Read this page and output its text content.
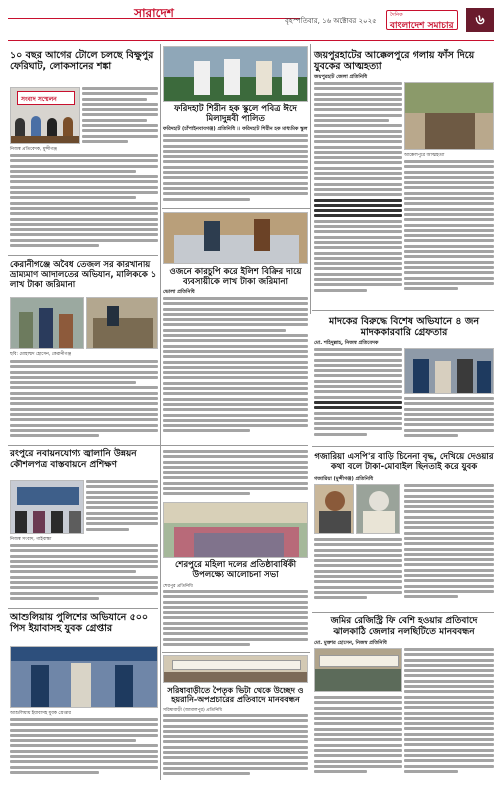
সারাদেশ
বৃহস্পতিবার, ১৬ অক্টোবর ২০২৫
দৈনিক
বাংলাদেশ সমাচার	৬
১০ বছর আগের টোলে চলছে বিক্ষুপুর ফেরিঘাট, লোকসানের শঙ্কা
সংবাদ সম্মেলন
নিজস্ব প্রতিবেদক, মুন্সীগঞ্জ
কেরানীগঞ্জে অবৈধ তেজল সর কারখানায় ভ্রাম্যমাণ আদালতের অভিযান, মালিককে ১ লাখ টাকা জরিমানা
ছবি: মোহাম্মদ হোসেন, কেরানীগঞ্জ
রংপুরে নবায়নযোগ্য জ্বালানি উন্নয়ন কৌশলপত্র বাস্তবায়নে প্রশিক্ষণ
নিজস্ব সংবাদ, গাইবান্ধা
আশুলিয়ায় পুলিশের অভিযানে ৫০০ পিস ইয়াবাসহ যুবক গ্রেপ্তার
আশুলিয়ায় ইয়াবাসহ যুবক গ্রেপ্তার
ফরিদহাট শিরীন হক স্কুলে পবিত্র ঈদে মিলাদুন্নবী পালিত
ফরিদহাট (চাঁপাইনবাবগঞ্জ) প্রতিনিধি ।। ফরিদহাট শিরীন হক মাধ্যমিক স্কুল
ওজনে কারচুপি করে ইলিশ বিক্রির দায়ে ব্যবসায়ীকে লাখ টাকা জরিমানা
ভোলা প্রতিনিধি
শেরপুরে মহিলা দলের প্রতিষ্ঠাবার্ষিকী উপলক্ষ্যে আলোচনা সভা
শেরপুর প্রতিনিধি
সরিষাবাড়ীতে পৈতৃক ভিটা থেকে উচ্ছেদ ও হয়রানি-অপপ্রচারের প্রতিবাদে মানববন্ধন
সরিষাবাড়ী (জামালপুর) প্রতিনিধি
জয়পুরহাটের আক্কেলপুরে গলায় ফাঁস দিয়ে যুবকের আত্মহত্যা
জয়পুরহাট জেলা প্রতিনিধি
আক্কেলপুরে আত্মহত্যা
মাদকের বিরুদ্ধে বিশেষ অভিযানে ৪ জন মাদককারবারি গ্রেফতার
মো. শহিদুল্লাহ, নিজস্ব প্রতিবেদক
গজারিয়া এসপি'র বাড়ি চিনেনা বৃদ্ধ, দেখিয়ে দেওয়ার কথা বলে টাকা-মোবাইল ছিনতাই করে যুবক
গজারিয়া (মুন্সীগঞ্জ) প্রতিনিধি
জমির রেজিস্ট্রি ফি বেশি হওয়ার প্রতিবাদে ঝালকাঠি জেলার নলছিটিতে মানববন্ধন
মো. মুক্তার হোসেন, নিজস্ব প্রতিনিধি
